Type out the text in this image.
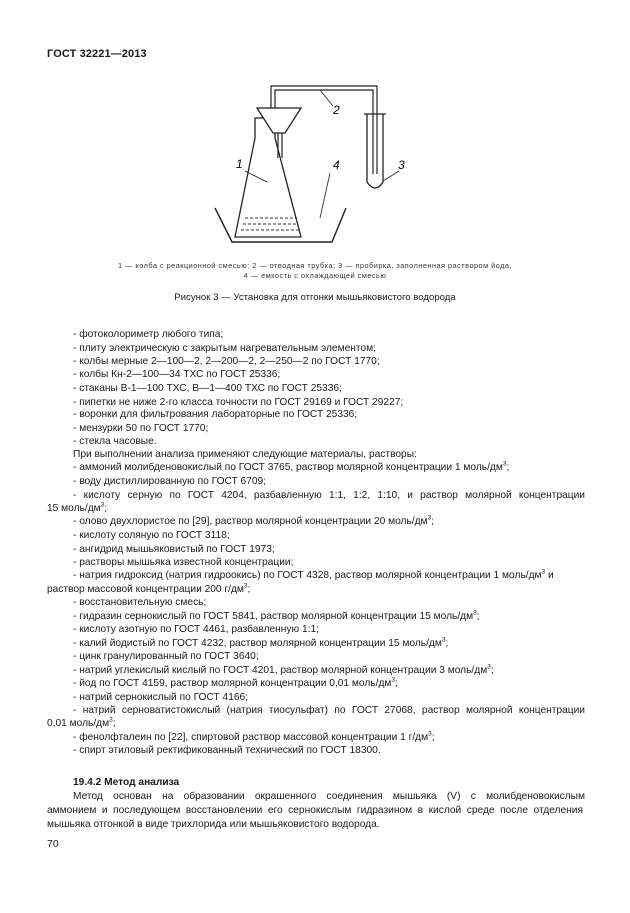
ГОСТ 32221—2013
1
2
3
4
1 — колба с реакционной смесью; 2 — отводная трубка; 3 — пробирка, заполненная раствором йода,
4 — емкость с охлаждающей смесью
Рисунок 3 — Установка для отгонки мышьяковистого водорода
- фотоколориметр любого типа;
- плиту электрическую с закрытым нагревательным элементом;
- колбы мерные 2—100—2, 2—200—2, 2—250—2 по ГОСТ 1770;
- колбы Кн-2—100—34 ТХС по ГОСТ 25336;
- стаканы В-1—100 ТХС, В—1—400 ТХС по ГОСТ 25336;
- пипетки не ниже 2-го класса точности по ГОСТ 29169 и ГОСТ 29227;
- воронки для фильтрования лабораторные по ГОСТ 25336;
- мензурки 50 по ГОСТ 1770;
- стекла часовые.
При выполнении анализа применяют следующие материалы, растворы:
- аммоний молибденовокислый по ГОСТ 3765, раствор молярной концентрации 1 моль/$дм^3$;
- воду дистиллированную по ГОСТ 6709;
- кислоту серную по ГОСТ 4204, разбавленную 1:1, 1:2, 1:10, и раствор молярной концентрации
15 моль/$дм^3$;
- олово двухлористое по [29], раствор молярной концентрации 20 моль/$дм^3$;
- кислоту соляную по ГОСТ 3118;
- ангидрид мышьяковистый по ГОСТ 1973;
- растворы мышьяка известной концентрации;
- натрия гидроксид (натрия гидроокись) по ГОСТ 4328, раствор молярной концентрации 1 моль/$дм^3$ и
раствор массовой концентрации 200 $г/дм^3$;
- восстановительную смесь;
- гидразин сернокислый по ГОСТ 5841, раствор молярной концентрации 15 моль/$дм^3$;
- кислоту азотную по ГОСТ 4461, разбавленную 1:1;
- калий йодистый по ГОСТ 4232, раствор молярной концентрации 15 моль/$дм^3$;
- цинк гранулированный по ГОСТ 3640;
- натрий углекислый кислый по ГОСТ 4201, раствор молярной концентрации 3 моль/$дм^3$;
- йод по ГОСТ 4159, раствор молярной концентрации 0,01 моль/$дм^3$;
- натрий сернокислый по ГОСТ 4166;
- натрий серноватистокислый (натрия тиосульфат) по ГОСТ 27068, раствор молярной концентрации
0,01 моль/$дм^3$;
- фенолфталеин по [22], спиртовой раствор массовой концентрации 1 $г/дм^3$;
- спирт этиловый ректификованный технический по ГОСТ 18300.
70
19.4.2 Метод анализа
Метод основан на образовании окрашенного соединения мышьяка (V) с молибденовокислым
аммонием и последующем восстановлении его сернокислым гидразином в кислой среде после отделения
мышьяка отгонкой в виде трихлорида или мышьяковистого водорода.
